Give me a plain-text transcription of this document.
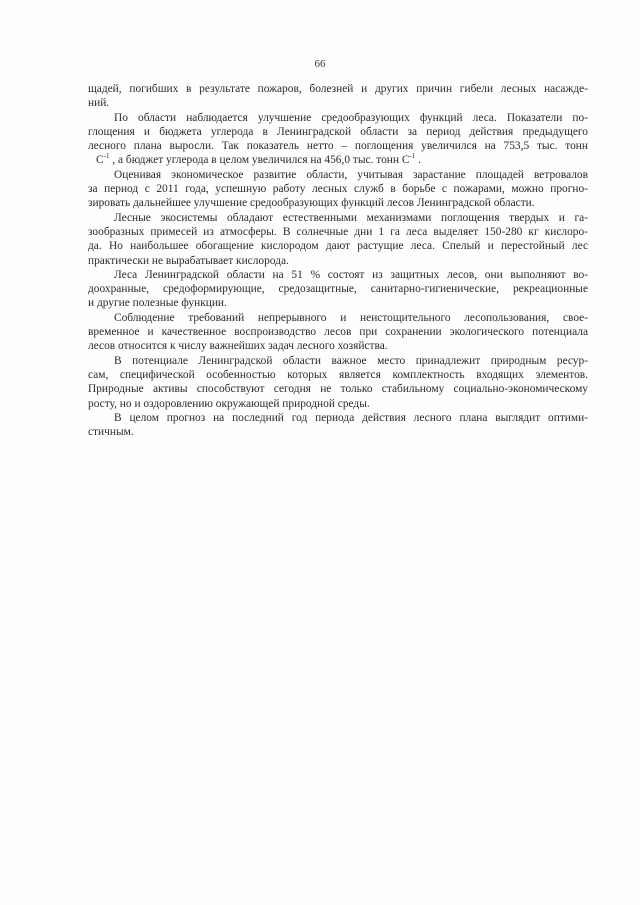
66
щадей, погибших в результате пожаров, болезней и других причин гибели лесных насажде-
ний.
По области наблюдается улучшение средообразующих функций леса. Показатели по-
глощения и бюджета углерода в Ленинградской области за период действия предыдущего
лесного плана выросли. Так показатель нетто – поглощения увеличился на 753,5 тыс. тонн
$С^{-1}$ , а бюджет углерода в целом увеличился на 456,0 тыс. тонн $С^{-1}$ .
Оценивая экономическое развитие области, учитывая зарастание площадей ветровалов
за период с 2011 года, успешную работу лесных служб в борьбе с пожарами, можно прогно-
зировать дальнейшее улучшение средообразующих функций лесов Ленинградской области.
Лесные экосистемы обладают естественными механизмами поглощения твердых и га-
зообразных примесей из атмосферы. В солнечные дни 1 га леса выделяет 150-280 кг кислоро-
да. Но наибольшее обогащение кислородом дают растущие леса. Спелый и перестойный лес
практически не вырабатывает кислорода.
Леса Ленинградской области на 51 % состоят из защитных лесов, они выполняют во-
доохранные, средоформирующие, средозащитные, санитарно-гигиенические, рекреационные
и другие полезные функции.
Соблюдение требований непрерывного и неистощительного лесопользования, свое-
временное и качественное воспроизводство лесов при сохранении экологического потенциала
лесов относится к числу важнейших задач лесного хозяйства.
В потенциале Ленинградской области важное место принадлежит природным ресур-
сам, специфической особенностью которых является комплектность входящих элементов.
Природные активы способствуют сегодня не только стабильному социально-экономическому
росту, но и оздоровлению окружающей природной среды.
В целом прогноз на последний год периода действия лесного плана выглядит оптими-
стичным.
